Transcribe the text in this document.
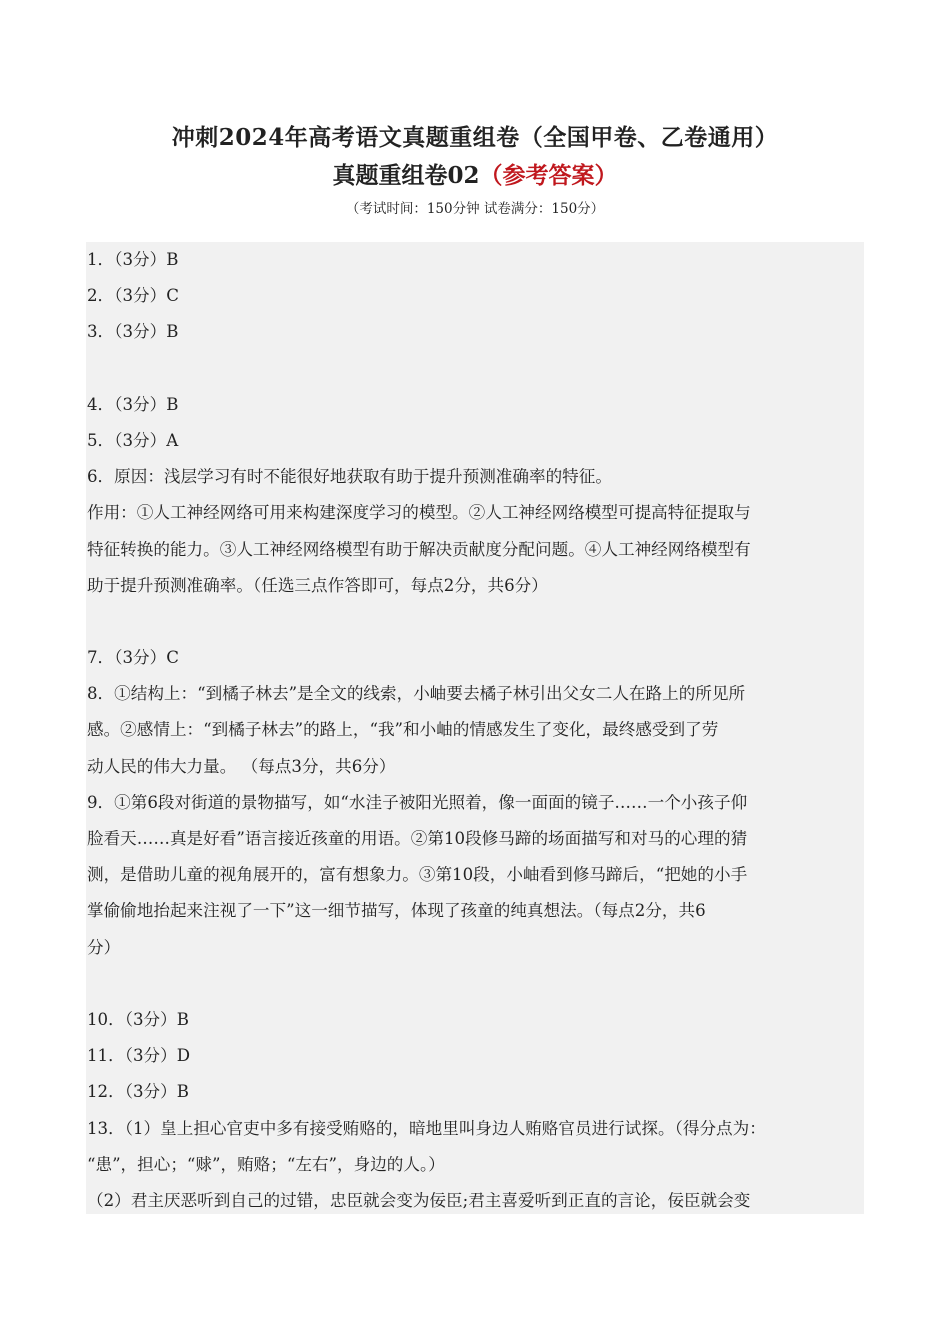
冲刺2024年高考语文真题重组卷（全国甲卷、乙卷通用）
真题重组卷02（参考答案）
（考试时间：150分钟 试卷满分：150分）
1．（3分）B
2．（3分）C
3．（3分）B
4．（3分）B
5．（3分）A
6．原因：浅层学习有时不能很好地获取有助于提升预测准确率的特征。
作用：①人工神经网络可用来构建深度学习的模型。②人工神经网络模型可提高特征提取与
特征转换的能力。③人工神经网络模型有助于解决贡献度分配问题。④人工神经网络模型有
助于提升预测准确率。（任选三点作答即可，每点2分，共6分）
7．（3分）C
8．①结构上：“到橘子林去”是全文的线索，小岫要去橘子林引出父女二人在路上的所见所
感。②感情上：“到橘子林去”的路上，“我”和小岫的情感发生了变化，最终感受到了劳
动人民的伟大力量。 （每点3分，共6分）
9．①第6段对街道的景物描写，如“水洼子被阳光照着，像一面面的镜子……一个小孩子仰
脸看天……真是好看”语言接近孩童的用语。②第10段修马蹄的场面描写和对马的心理的猜
测，是借助儿童的视角展开的，富有想象力。③第10段，小岫看到修马蹄后，“把她的小手
掌偷偷地抬起来注视了一下”这一细节描写，体现了孩童的纯真想法。（每点2分，共6
分）
10．（3分）B
11．（3分）D
12．（3分）B
13．（1）皇上担心官吏中多有接受贿赂的，暗地里叫身边人贿赂官员进行试探。（得分点为：
“患”，担心；“赇”，贿赂；“左右”，身边的人。）
（2）君主厌恶听到自己的过错，忠臣就会变为佞臣;君主喜爱听到正直的言论，佞臣就会变
